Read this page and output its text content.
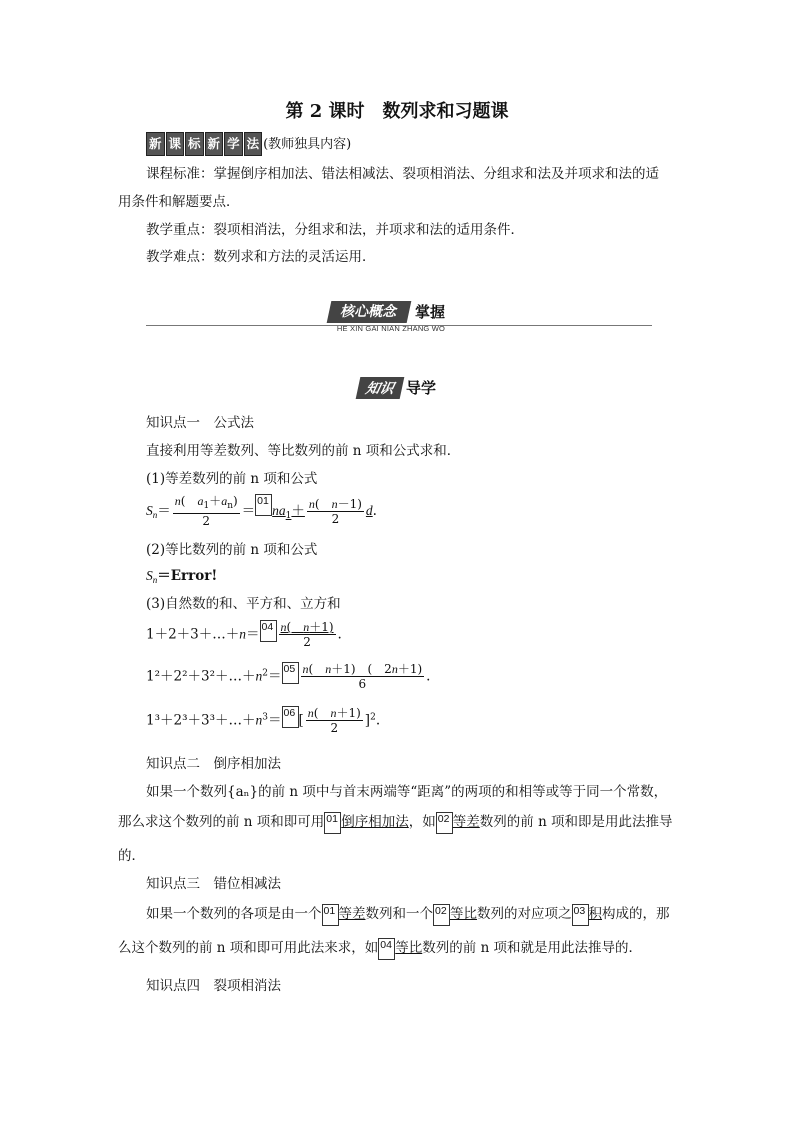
第 2 课时　数列求和习题课
新 课 标 新 学 法 (教师独具内容)
课程标准：掌握倒序相加法、错法相减法、裂项相消法、分组求和法及并项求和法的适
用条件和解题要点．
教学重点：裂项相消法，分组求和法，并项求和法的适用条件．
教学难点：数列求和方法的灵活运用．
核心概念	掌握
HE XIN GAI NIAN ZHANG WO
知识 导学
知识点一　公式法
直接利用等差数列、等比数列的前 n 项和公式求和．
(1)等差数列的前 n 项和公式
$S_n= \frac{n( a_1+a_n)}{2} =01na_1+ \frac{n( n-1)}{2} d$.
(2)等比数列的前 n 项和公式
$S_n=Error$!
(3)自然数的和、平方和、立方和
1＋2＋3＋…＋n＝ $04 \frac{n( n+1)}{2}$ .
$1^2+2^2+3^2+\dots+n^2= 05 \frac{n( n+1) ( 2n+1)}{6}$ .
$1^3+2^3+3^3+\dots+n^3= 06$ [ $\frac{n( n+1)}{2} ]^2$.
知识点二　倒序相加法
如果一个数列{aₙ}的前 n 项中与首末两端等“距离”的两项的和相等或等于同一个常数，
那么求这个数列的前 n 项和即可用 01 倒序相加法，如 02 等差数列的前 n 项和即是用此法推导
的．
知识点三　错位相减法
如果一个数列的各项是由一个 01 等差数列和一个 02 等比数列的对应项之 03 积构成的，那
么这个数列的前 n 项和即可用此法来求，如 04 等比数列的前 n 项和就是用此法推导的．
知识点四　裂项相消法
